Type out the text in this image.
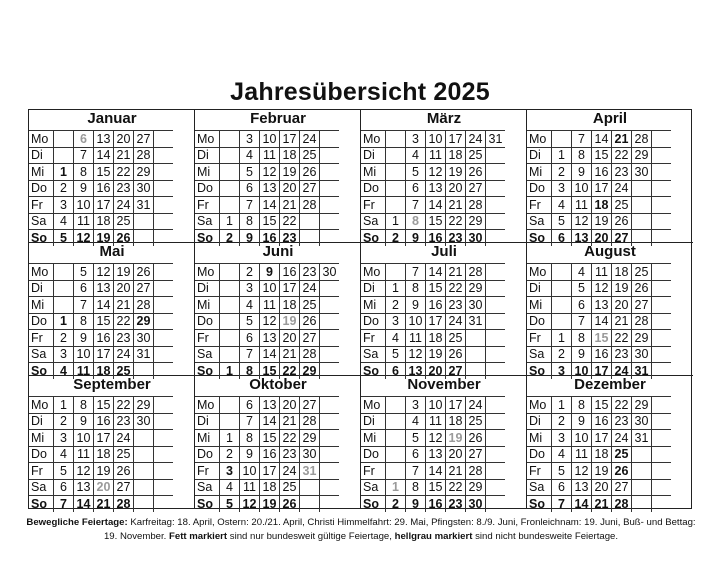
Jahresübersicht 2025
Januar
Mo		6	13	20	27	
Di		7	14	21	28	
Mi	1	8	15	22	29	
Do	2	9	16	23	30	
Fr	3	10	17	24	31	
Sa	4	11	18	25		
So	5	12	19	26		
Februar
Mo		3	10	17	24	
Di		4	11	18	25	
Mi		5	12	19	26	
Do		6	13	20	27	
Fr		7	14	21	28	
Sa	1	8	15	22		
So	2	9	16	23		
März
Mo		3	10	17	24	31
Di		4	11	18	25	
Mi		5	12	19	26	
Do		6	13	20	27	
Fr		7	14	21	28	
Sa	1	8	15	22	29	
So	2	9	16	23	30	
April
Mo		7	14	21	28	
Di	1	8	15	22	29	
Mi	2	9	16	23	30	
Do	3	10	17	24		
Fr	4	11	18	25		
Sa	5	12	19	26		
So	6	13	20	27		
Mai
Mo		5	12	19	26	
Di		6	13	20	27	
Mi		7	14	21	28	
Do	1	8	15	22	29	
Fr	2	9	16	23	30	
Sa	3	10	17	24	31	
So	4	11	18	25		
Juni
Mo		2	9	16	23	30
Di		3	10	17	24	
Mi		4	11	18	25	
Do		5	12	19	26	
Fr		6	13	20	27	
Sa		7	14	21	28	
So	1	8	15	22	29	
Juli
Mo		7	14	21	28	
Di	1	8	15	22	29	
Mi	2	9	16	23	30	
Do	3	10	17	24	31	
Fr	4	11	18	25		
Sa	5	12	19	26		
So	6	13	20	27		
August
Mo		4	11	18	25	
Di		5	12	19	26	
Mi		6	13	20	27	
Do		7	14	21	28	
Fr	1	8	15	22	29	
Sa	2	9	16	23	30	
So	3	10	17	24	31	
September
Mo	1	8	15	22	29	
Di	2	9	16	23	30	
Mi	3	10	17	24		
Do	4	11	18	25		
Fr	5	12	19	26		
Sa	6	13	20	27		
So	7	14	21	28		
Oktober
Mo		6	13	20	27	
Di		7	14	21	28	
Mi	1	8	15	22	29	
Do	2	9	16	23	30	
Fr	3	10	17	24	31	
Sa	4	11	18	25		
So	5	12	19	26		
November
Mo		3	10	17	24	
Di		4	11	18	25	
Mi		5	12	19	26	
Do		6	13	20	27	
Fr		7	14	21	28	
Sa	1	8	15	22	29	
So	2	9	16	23	30	
Dezember
Mo	1	8	15	22	29	
Di	2	9	16	23	30	
Mi	3	10	17	24	31	
Do	4	11	18	25		
Fr	5	12	19	26		
Sa	6	13	20	27		
So	7	14	21	28		
Bewegliche Feiertage: Karfreitag: 18. April, Ostern: 20./21. April, Christi Himmelfahrt: 29. Mai, Pfingsten: 8./9. Juni, Fronleichnam: 19. Juni, Buß- und Bettag: 19. November. Fett markiert sind nur bundesweit gültige Feiertage, hellgrau markiert sind nicht bundesweite Feiertage.
